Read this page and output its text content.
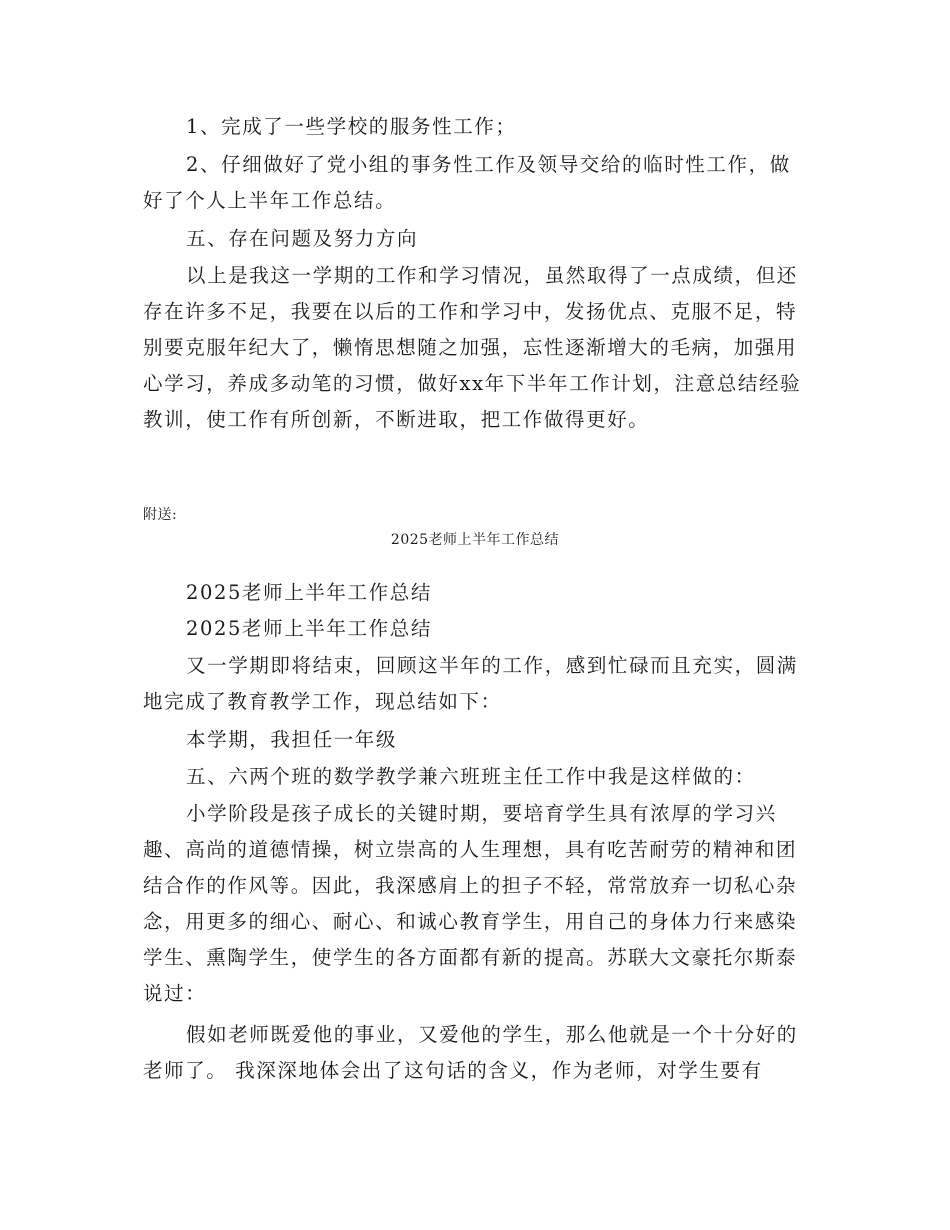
1、完成了一些学校的服务性工作；

2、仔细做好了党小组的事务性工作及领导交给的临时性工作，做好了个人上半年工作总结。

五、存在问题及努力方向

以上是我这一学期的工作和学习情况，虽然取得了一点成绩，但还存在许多不足，我要在以后的工作和学习中，发扬优点、克服不足，特别要克服年纪大了，懒惰思想随之加强，忘性逐渐增大的毛病，加强用心学习，养成多动笔的习惯，做好xx年下半年工作计划，注意总结经验教训，使工作有所创新，不断进取，把工作做得更好。

附送:

2025老师上半年工作总结

2025老师上半年工作总结

2025老师上半年工作总结

又一学期即将结束，回顾这半年的工作，感到忙碌而且充实，圆满地完成了教育教学工作，现总结如下：

本学期，我担任一年级

五、六两个班的数学教学兼六班班主任工作中我是这样做的：

小学阶段是孩子成长的关键时期，要培育学生具有浓厚的学习兴趣、高尚的道德情操，树立崇高的人生理想，具有吃苦耐劳的精神和团结合作的作风等。因此，我深感肩上的担子不轻，常常放弃一切私心杂念，用更多的细心、耐心、和诚心教育学生，用自己的身体力行来感染学生、熏陶学生，使学生的各方面都有新的提高。苏联大文豪托尔斯泰说过：

假如老师既爱他的事业，又爱他的学生，那么他就是一个十分好的老师了。 我深深地体会出了这句话的含义，作为老师，对学生要有
